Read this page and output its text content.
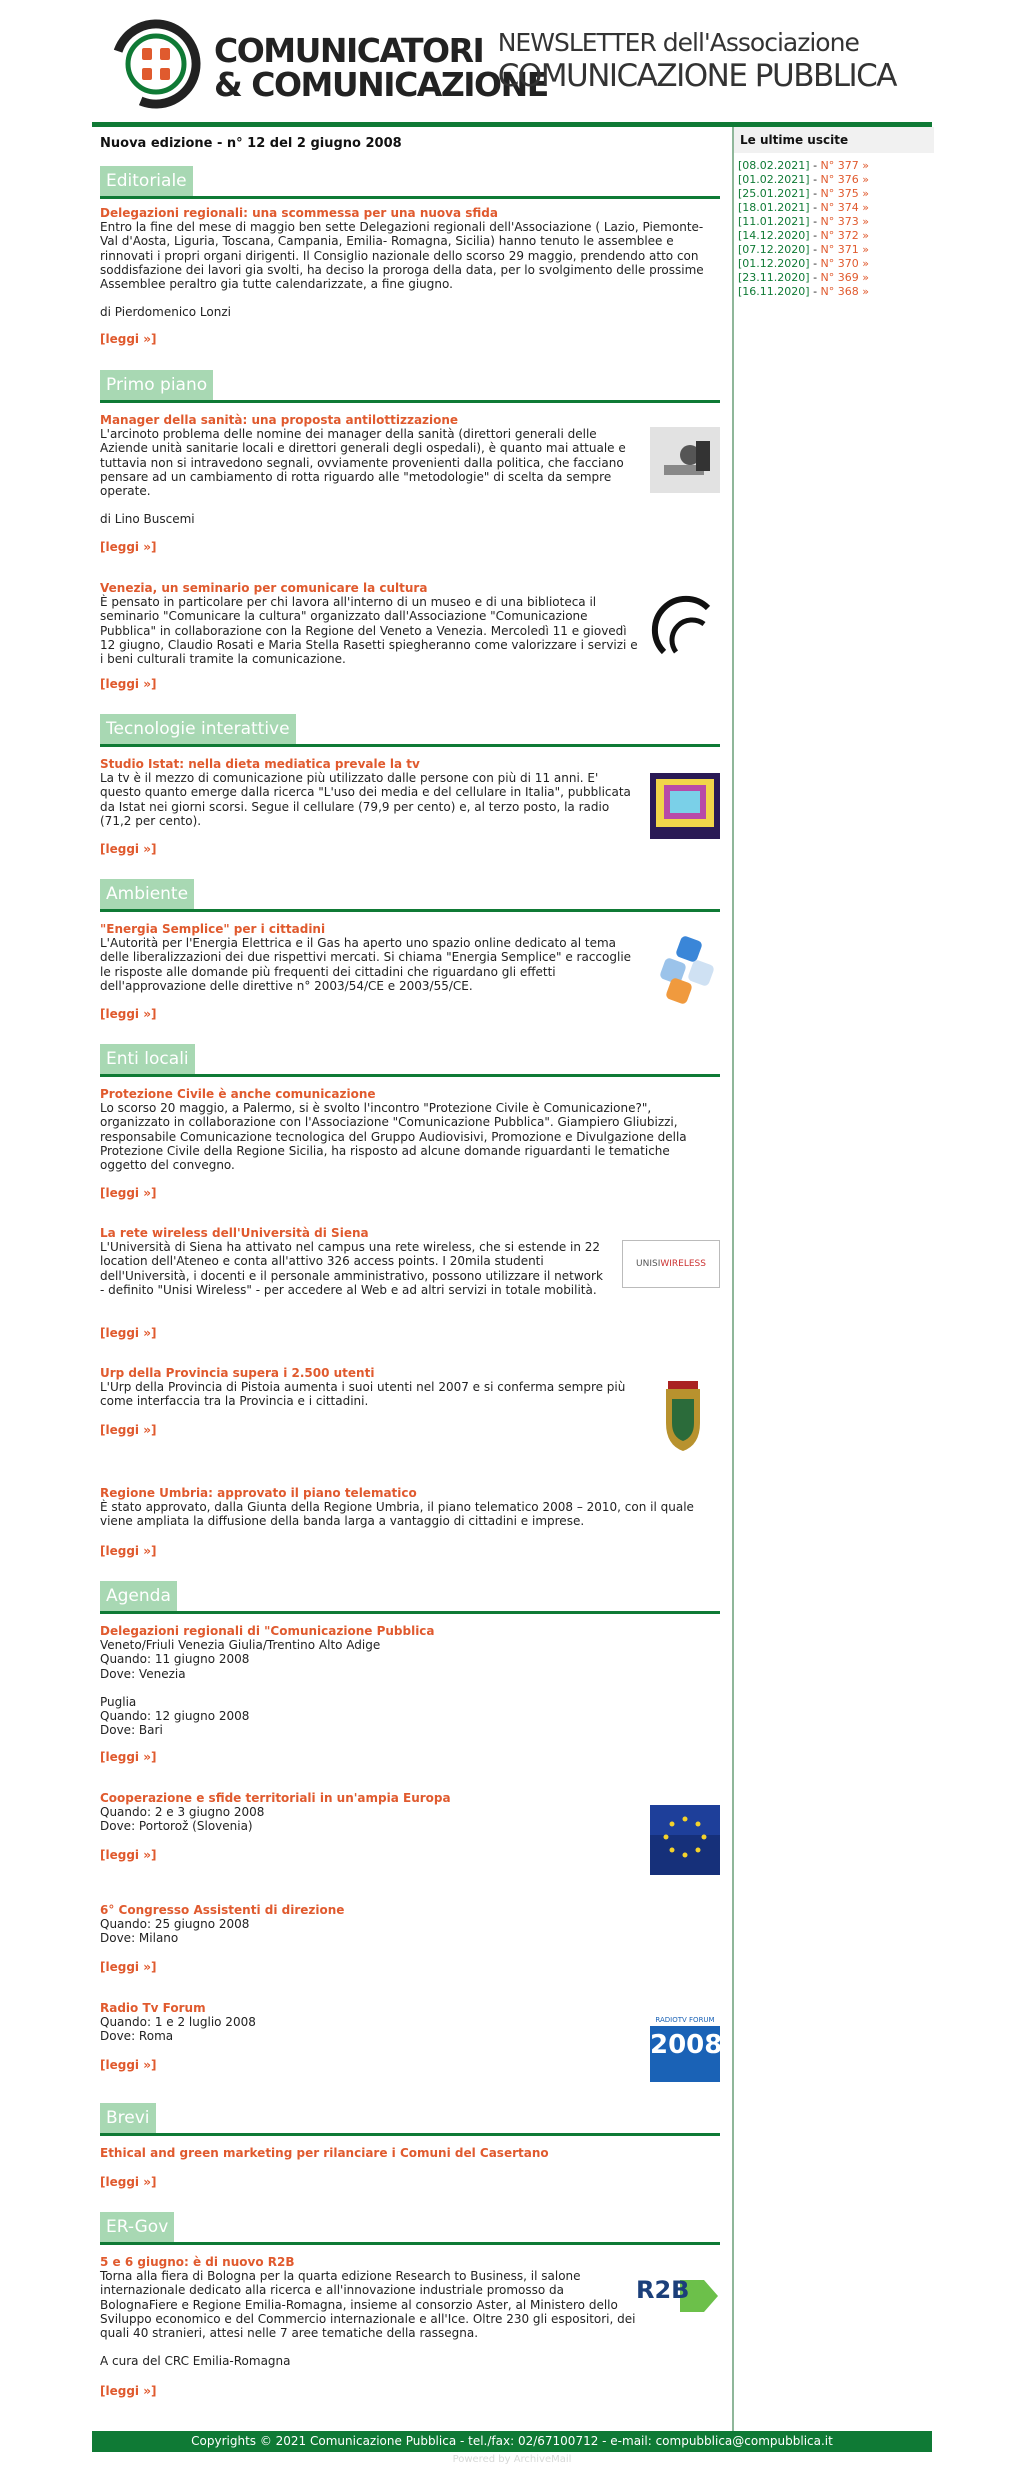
COMUNICATORI
& COMUNICAZIONE
NEWSLETTER dell'Associazione
COMUNICAZIONE PUBBLICA
Le ultime uscite
[08.02.2021] - N° 377 »
[01.02.2021] - N° 376 »
[25.01.2021] - N° 375 »
[18.01.2021] - N° 374 »
[11.01.2021] - N° 373 »
[14.12.2020] - N° 372 »
[07.12.2020] - N° 371 »
[01.12.2020] - N° 370 »
[23.11.2020] - N° 369 »
[16.11.2020] - N° 368 »
Nuova edizione - n° 12 del 2 giugno 2008
Editoriale
Delegazioni regionali: una scommessa per una nuova sfida
Entro la fine del mese di maggio ben sette Delegazioni regionali dell'Associazione ( Lazio, Piemonte-Val d'Aosta, Liguria, Toscana, Campania, Emilia- Romagna, Sicilia) hanno tenuto le assemblee e rinnovati i propri organi dirigenti. Il Consiglio nazionale dello scorso 29 maggio, prendendo atto con soddisfazione dei lavori gia svolti, ha deciso la proroga della data, per lo svolgimento delle prossime Assemblee peraltro gia tutte calendarizzate, a fine giugno.
di Pierdomenico Lonzi
[leggi »]
Primo piano
Manager della sanità: una proposta antilottizzazione
L'arcinoto problema delle nomine dei manager della sanità (direttori generali delle Aziende unità sanitarie locali e direttori generali degli ospedali), è quanto mai attuale e tuttavia non si intravedono segnali, ovviamente provenienti dalla politica, che facciano pensare ad un cambiamento di rotta riguardo alle "metodologie" di scelta da sempre operate.
di Lino Buscemi
[leggi »]
Venezia, un seminario per comunicare la cultura
È pensato in particolare per chi lavora all'interno di un museo e di una biblioteca il seminario "Comunicare la cultura" organizzato dall'Associazione "Comunicazione Pubblica" in collaborazione con la Regione del Veneto a Venezia. Mercoledì 11 e giovedì 12 giugno, Claudio Rosati e Maria Stella Rasetti spiegheranno come valorizzare i servizi e i beni culturali tramite la comunicazione.
[leggi »]
Tecnologie interattive
Studio Istat: nella dieta mediatica prevale la tv
La tv è il mezzo di comunicazione più utilizzato dalle persone con più di 11 anni. E' questo quanto emerge dalla ricerca "L'uso dei media e del cellulare in Italia", pubblicata da Istat nei giorni scorsi. Segue il cellulare (79,9 per cento) e, al terzo posto, la radio (71,2 per cento).
[leggi »]
Ambiente
"Energia Semplice" per i cittadini
L'Autorità per l'Energia Elettrica e il Gas ha aperto uno spazio online dedicato al tema delle liberalizzazioni dei due rispettivi mercati. Si chiama "Energia Semplice" e raccoglie le risposte alle domande più frequenti dei cittadini che riguardano gli effetti dell'approvazione delle direttive n° 2003/54/CE e 2003/55/CE.
[leggi »]
Enti locali
Protezione Civile è anche comunicazione
Lo scorso 20 maggio, a Palermo, si è svolto l'incontro "Protezione Civile è Comunicazione?", organizzato in collaborazione con l'Associazione "Comunicazione Pubblica". Giampiero Gliubizzi, responsabile Comunicazione tecnologica del Gruppo Audiovisivi, Promozione e Divulgazione della Protezione Civile della Regione Sicilia, ha risposto ad alcune domande riguardanti le tematiche oggetto del convegno.
[leggi »]
La rete wireless dell'Università di Siena
L'Università di Siena ha attivato nel campus una rete wireless, che si estende in 22 location dell'Ateneo e conta all'attivo 326 access points. I 20mila studenti dell'Università, i docenti e il personale amministrativo, possono utilizzare il network - definito "Unisi Wireless" - per accedere al Web e ad altri servizi in totale mobilità.
UNISIWIRELESS
[leggi »]
Urp della Provincia supera i 2.500 utenti
L'Urp della Provincia di Pistoia aumenta i suoi utenti nel 2007 e si conferma sempre più come interfaccia tra la Provincia e i cittadini.
[leggi »]
Regione Umbria: approvato il piano telematico
È stato approvato, dalla Giunta della Regione Umbria, il piano telematico 2008 – 2010, con il quale viene ampliata la diffusione della banda larga a vantaggio di cittadini e imprese.
[leggi »]
Agenda
Delegazioni regionali di "Comunicazione Pubblica
Veneto/Friuli Venezia Giulia/Trentino Alto Adige
Quando: 11 giugno 2008
Dove: Venezia
Puglia
Quando: 12 giugno 2008
Dove: Bari
[leggi »]
Cooperazione e sfide territoriali in un'ampia Europa
Quando: 2 e 3 giugno 2008
Dove: Portorož (Slovenia)
[leggi »]
6° Congresso Assistenti di direzione
Quando: 25 giugno 2008
Dove: Milano
[leggi »]
Radio Tv Forum
Quando: 1 e 2 luglio 2008
Dove: Roma
RADIOTV FORUM
2008
[leggi »]
Brevi
Ethical and green marketing per rilanciare i Comuni del Casertano
[leggi »]
ER-Gov
5 e 6 giugno: è di nuovo R2B
Torna alla fiera di Bologna per la quarta edizione Research to Business, il salone internazionale dedicato alla ricerca e all'innovazione industriale promosso da BolognaFiere e Regione Emilia-Romagna, insieme al consorzio Aster, al Ministero dello Sviluppo economico e del Commercio internazionale e all'Ice. Oltre 230 gli espositori, dei quali 40 stranieri, attesi nelle 7 aree tematiche della rassegna.
A cura del CRC Emilia-Romagna
R2B
[leggi »]
Copyrights © 2021 Comunicazione Pubblica - tel./fax: 02/67100712 - e-mail: compubblica@compubblica.it
Powered by ArchiveMail
